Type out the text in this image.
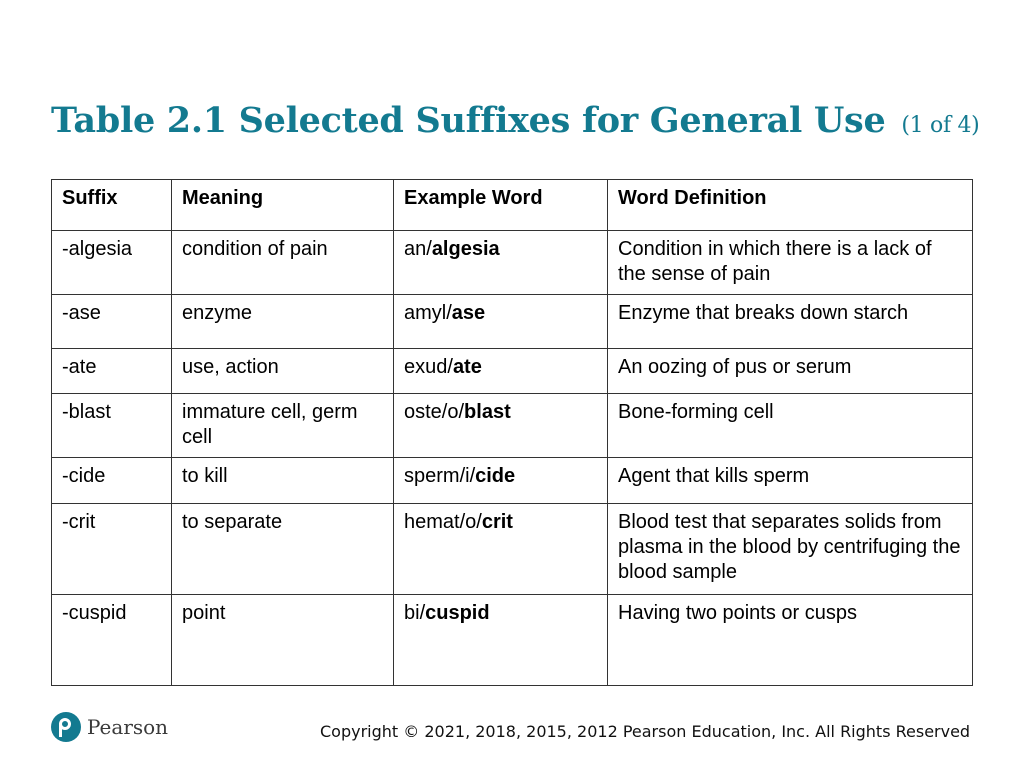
Table 2.1 Selected Suffixes for General Use (1 of 4)
Suffix	Meaning	Example Word	Word Definition
-algesia	condition of pain	an/algesia	Condition in which there is a lack of the sense of pain
-ase	enzyme	amyl/ase	Enzyme that breaks down starch
-ate	use, action	exud/ate	An oozing of pus or serum
-blast	immature cell, germ cell	oste/o/blast	Bone-forming cell
-cide	to kill	sperm/i/cide	Agent that kills sperm
-crit	to separate	hemat/o/crit	Blood test that separates solids from plasma in the blood by centrifuging the blood sample
-cuspid	point	bi/cuspid	Having two points or cusps
Pearson	Copyright © 2021, 2018, 2015, 2012 Pearson Education, Inc. All Rights Reserved
